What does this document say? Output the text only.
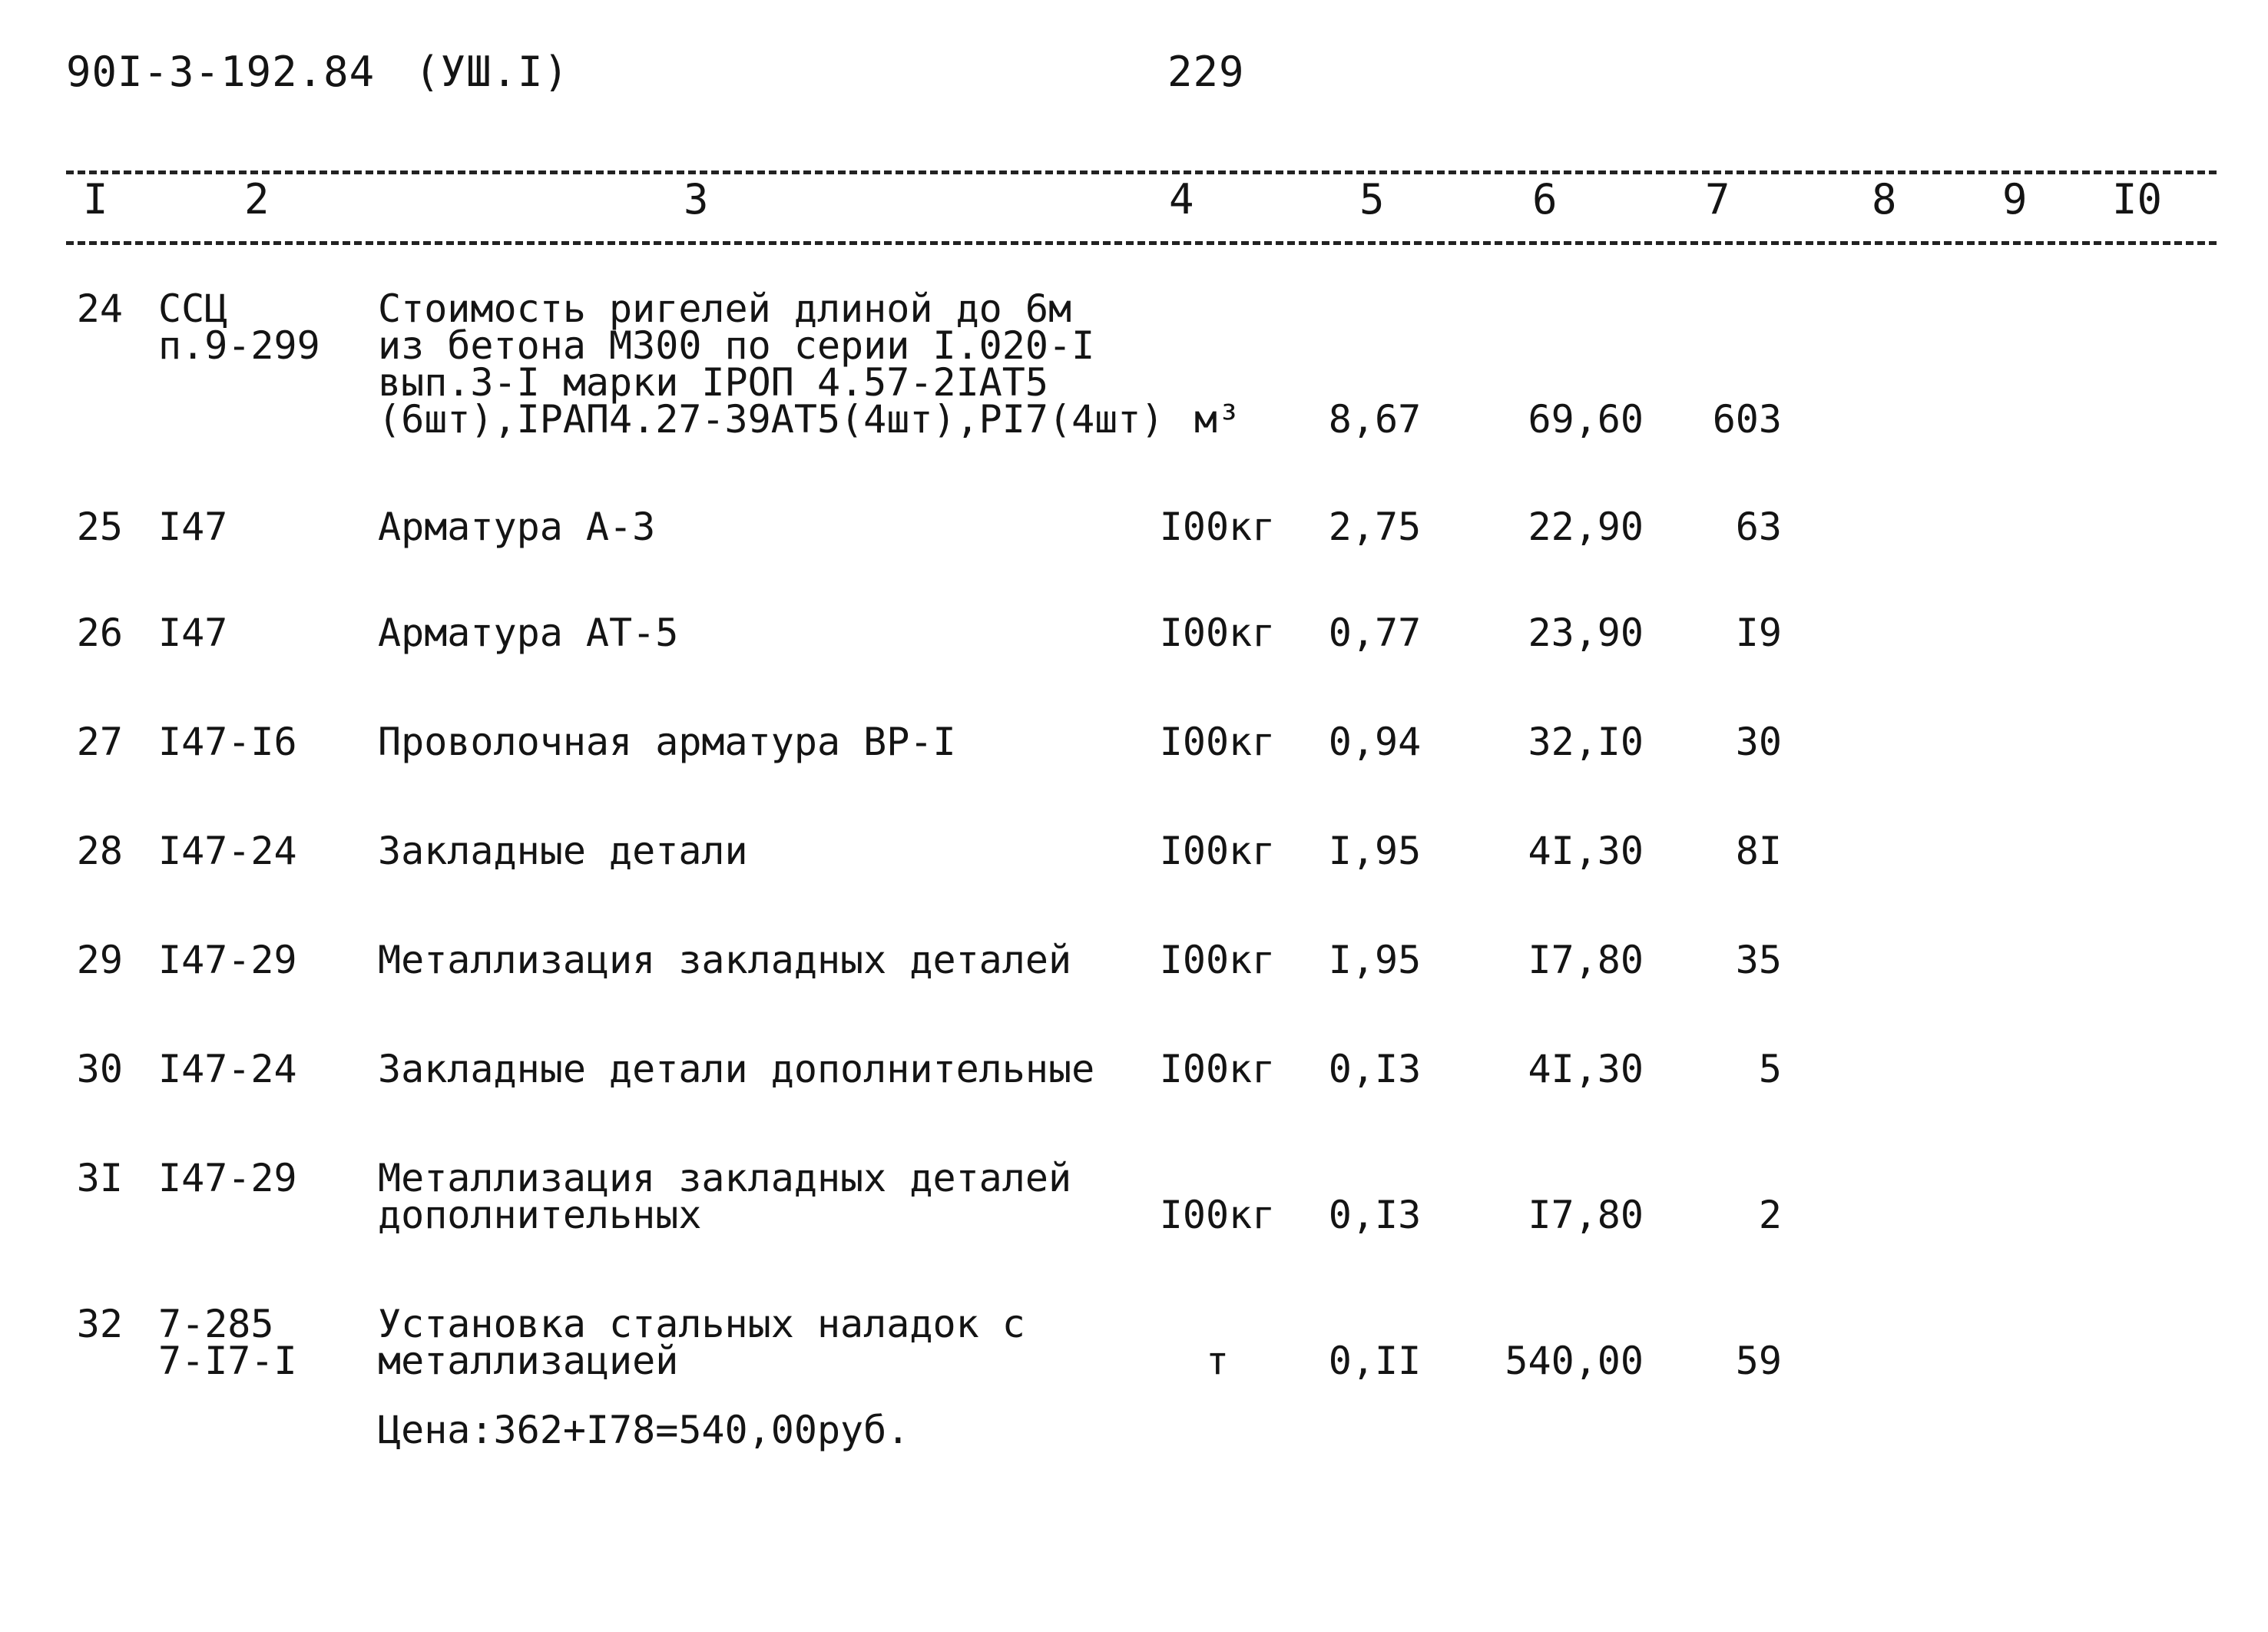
90I-3-192.84 (УШ.I)	229
I	2	3	4	5	6	7	8	9 I0
24 ССЦ
п.9-299
Стоимость ригелей длиной до 6м
из бетона М300 по серии I.020-I
вып.3-I марки IРОП 4.57-2IАТ5
(6шт),IРАП4.27-39АТ5(4шт),РI7(4шт) м³	8,67	69,60	603
25 I47	Арматура А-3	I00кг	2,75	22,90	63
26 I47	Арматура АТ-5	I00кг	0,77	23,90	I9
27 I47-I6 Проволочная арматура ВР-I	I00кг	0,94	32,I0	30
28 I47-24 Закладные детали	I00кг	I,95	4I,30	8I
29 I47-29 Металлизация закладных деталей I00кг	I,95	I7,80	35
30 I47-24 Закладные детали дополнительные I00кг	0,I3	4I,30	5
3I I47-29 Металлизация закладных деталей
дополнительных	I00кг	0,I3	I7,80	2
32 7-285
7-I7-I
Установка стальных наладок с
металлизацией	т	0,II	540,00	59
Цена:362+I78=540,00руб.
